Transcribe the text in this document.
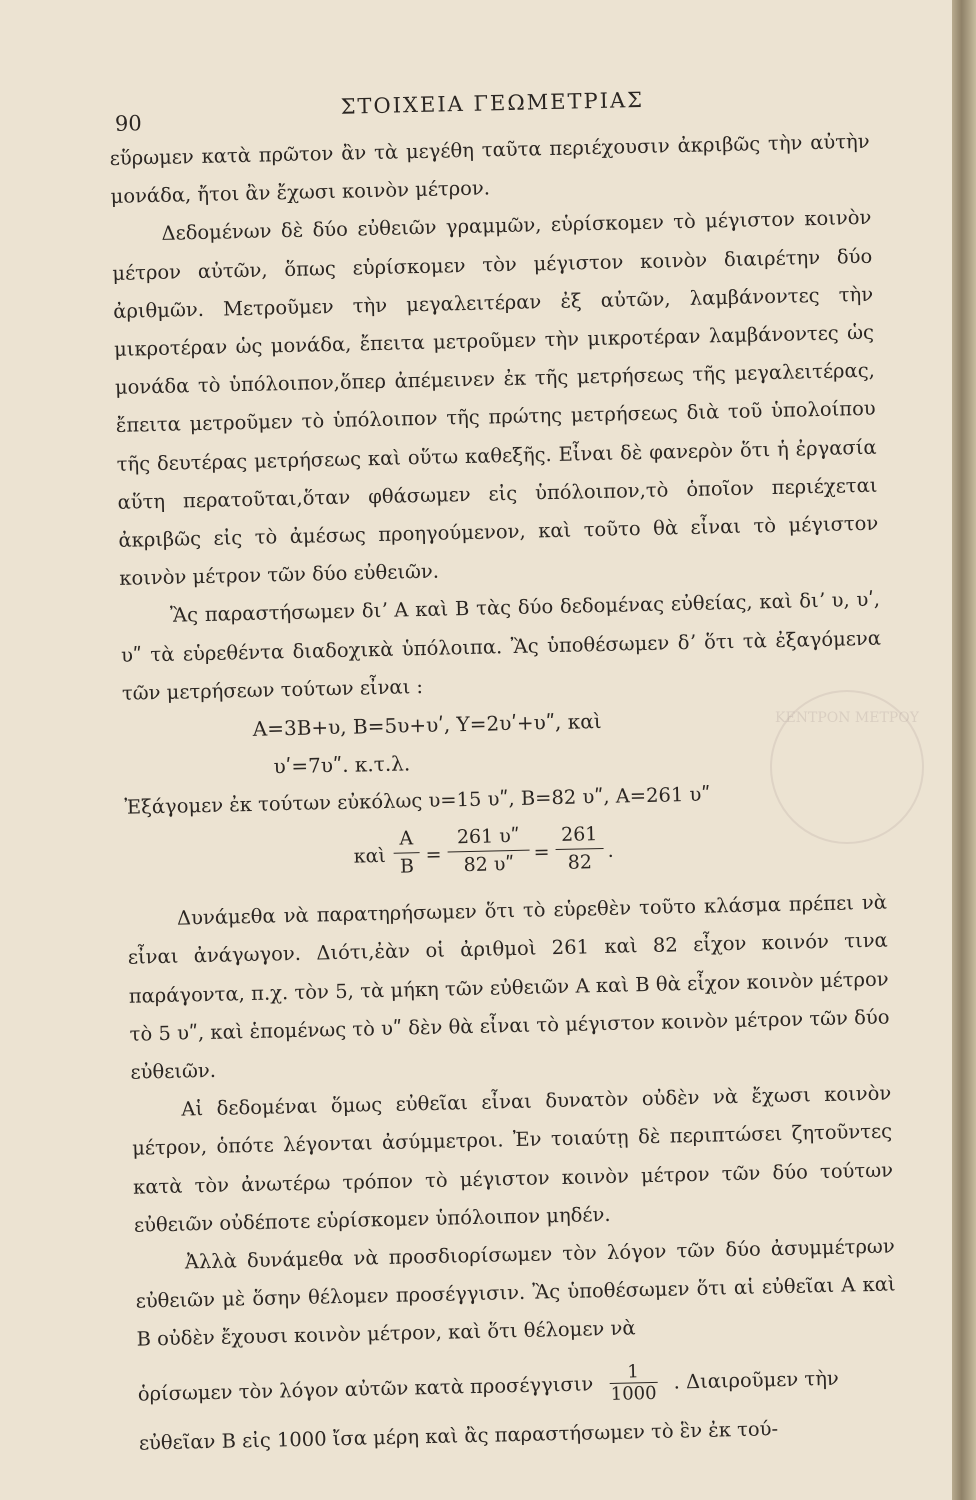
ΚΕΝΤΡΟΝ ΜΕΤΡΟΥ
90
ΣΤΟΙΧΕΙΑ ΓΕΩΜΕΤΡΙΑΣ

εὕρωμεν κατὰ πρῶτον ἂν τὰ μεγέθη ταῦτα περιέχουσιν ἀκριβῶς τὴν αὐτὴν μονάδα, ἤτοι ἂν ἔχωσι κοινὸν μέτρον.

Δεδομένων δὲ δύο εὐθειῶν γραμμῶν, εὑρίσκομεν τὸ μέγιστον κοινὸν μέτρον αὐτῶν, ὅπως εὑρίσκομεν τὸν μέγιστον κοινὸν διαιρέτην δύο ἀριθμῶν. Μετροῦμεν τὴν μεγαλειτέραν ἐξ αὐτῶν, λαμβάνοντες τὴν μικροτέραν ὡς μονάδα, ἔπειτα μετροῦμεν τὴν μικροτέραν λαμβάνοντες ὡς μονάδα τὸ ὑπόλοιπον,ὅπερ ἀπέμεινεν ἐκ τῆς μετρήσεως τῆς μεγαλειτέρας, ἔπειτα μετροῦμεν τὸ ὑπόλοιπον τῆς πρώτης μετρήσεως διὰ τοῦ ὑπολοίπου τῆς δευτέρας μετρήσεως καὶ οὕτω καθεξῆς. Εἶναι δὲ φανερὸν ὅτι ἡ ἐργασία αὕτη περατοῦται,ὅταν φθάσωμεν εἰς ὑπόλοιπον,τὸ ὁποῖον περιέχεται ἀκριβῶς εἰς τὸ ἀμέσως προηγούμενον, καὶ τοῦτο θὰ εἶναι τὸ μέγιστον κοινὸν μέτρον τῶν δύο εὐθειῶν.

Ἂς παραστήσωμεν διʼ Α καὶ Β τὰς δύο δεδομένας εὐθείας, καὶ διʼ υ, υʹ, υʺ τὰ εὑρεθέντα διαδοχικὰ ὑπόλοιπα. Ἂς ὑποθέσωμεν δʼ ὅτι τὰ ἐξαγόμενα τῶν μετρήσεων τούτων εἶναι :

Α=3Β+υ, Β=5υ+υʹ, Υ=2υʹ+υʺ, καὶ
υʹ=7υʺ. κ.τ.λ.

Ἐξάγομεν ἐκ τούτων εὐκόλως υ=15 υʺ, Β=82 υʺ, Α=261 υʺ

καὶ
Α
Β
=
261 υʺ
82 υʺ
=
261
82
.

Δυνάμεθα νὰ παρατηρήσωμεν ὅτι τὸ εὑρεθὲν τοῦτο κλάσμα πρέπει νὰ εἶναι ἀνάγωγον. Διότι,ἐὰν οἱ ἀριθμοὶ 261 καὶ 82 εἶχον κοινόν τινα παράγοντα, π.χ. τὸν 5, τὰ μήκη τῶν εὐθειῶν Α καὶ Β θὰ εἶχον κοινὸν μέτρον τὸ 5 υʺ, καὶ ἑπομένως τὸ υʺ δὲν θὰ εἶναι τὸ μέγιστον κοινὸν μέτρον τῶν δύο εὐθειῶν.

Αἱ δεδομέναι ὅμως εὐθεῖαι εἶναι δυνατὸν οὐδὲν νὰ ἔχωσι κοινὸν μέτρον, ὁπότε λέγονται ἀσύμμετροι. Ἐν τοιαύτῃ δὲ περιπτώσει ζητοῦντες κατὰ τὸν ἀνωτέρω τρόπον τὸ μέγιστον κοινὸν μέτρον τῶν δύο τούτων εὐθειῶν οὐδέποτε εὑρίσκομεν ὑπόλοιπον μηδέν.

Ἀλλὰ δυνάμεθα νὰ προσδιορίσωμεν τὸν λόγον τῶν δύο ἀσυμμέτρων εὐθειῶν μὲ ὅσην θέλομεν προσέγγισιν. Ἂς ὑποθέσωμεν ὅτι αἱ εὐθεῖαι Α καὶ Β οὐδὲν ἔχουσι κοινὸν μέτρον, καὶ ὅτι θέλομεν νὰ

ὁρίσωμεν τὸν λόγον αὐτῶν κατὰ προσέγγισιν $\frac{1}{1000}$ . Διαιροῦμεν τὴν

εὐθεῖαν Β εἰς 1000 ἴσα μέρη καὶ ἂς παραστήσωμεν τὸ ἓν ἐκ τού-
